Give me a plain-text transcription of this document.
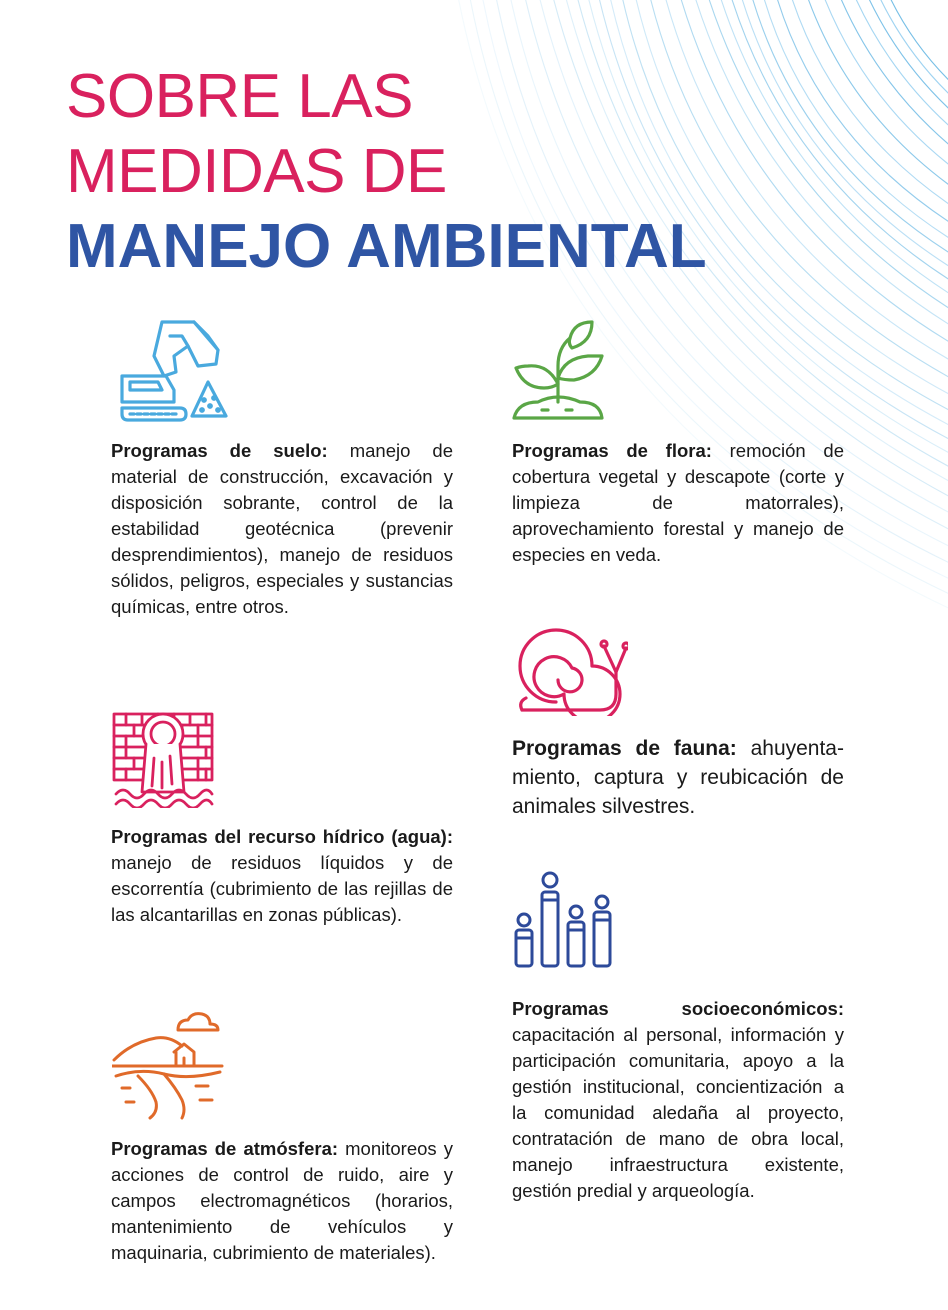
SOBRE LAS
MEDIDAS DE
MANEJO AMBIENTAL

Programas de suelo: manejo de material de construcción, excavación y disposición sobrante, control de la estabilidad geotécnica (prevenir desprendimientos), manejo de residuos sólidos, peligros, especiales y sustancias químicas, entre otros.

Programas de flora: remoción de cobertura vegetal y descapote (corte y limpieza de matorrales), aprovechamiento forestal y manejo de especies en veda.

Programas de fauna: ahuyenta-miento, captura y reubicación de animales silvestres.

Programas del recurso hídrico (agua): manejo de residuos líquidos y de escorrentía (cubrimiento de las rejillas de las alcantarillas en zonas públicas).

Programas socioeconómicos: capacitación al personal, información y participación comunitaria, apoyo a la gestión institucional, concientización a la comunidad aledaña al proyecto, contratación de mano de obra local, manejo infraestructura existente, gestión predial y arqueología.

Programas de atmósfera: monitoreos y acciones de control de ruido, aire y campos electromagnéticos (horarios, mantenimiento de vehículos y maquinaria, cubrimiento de materiales).
